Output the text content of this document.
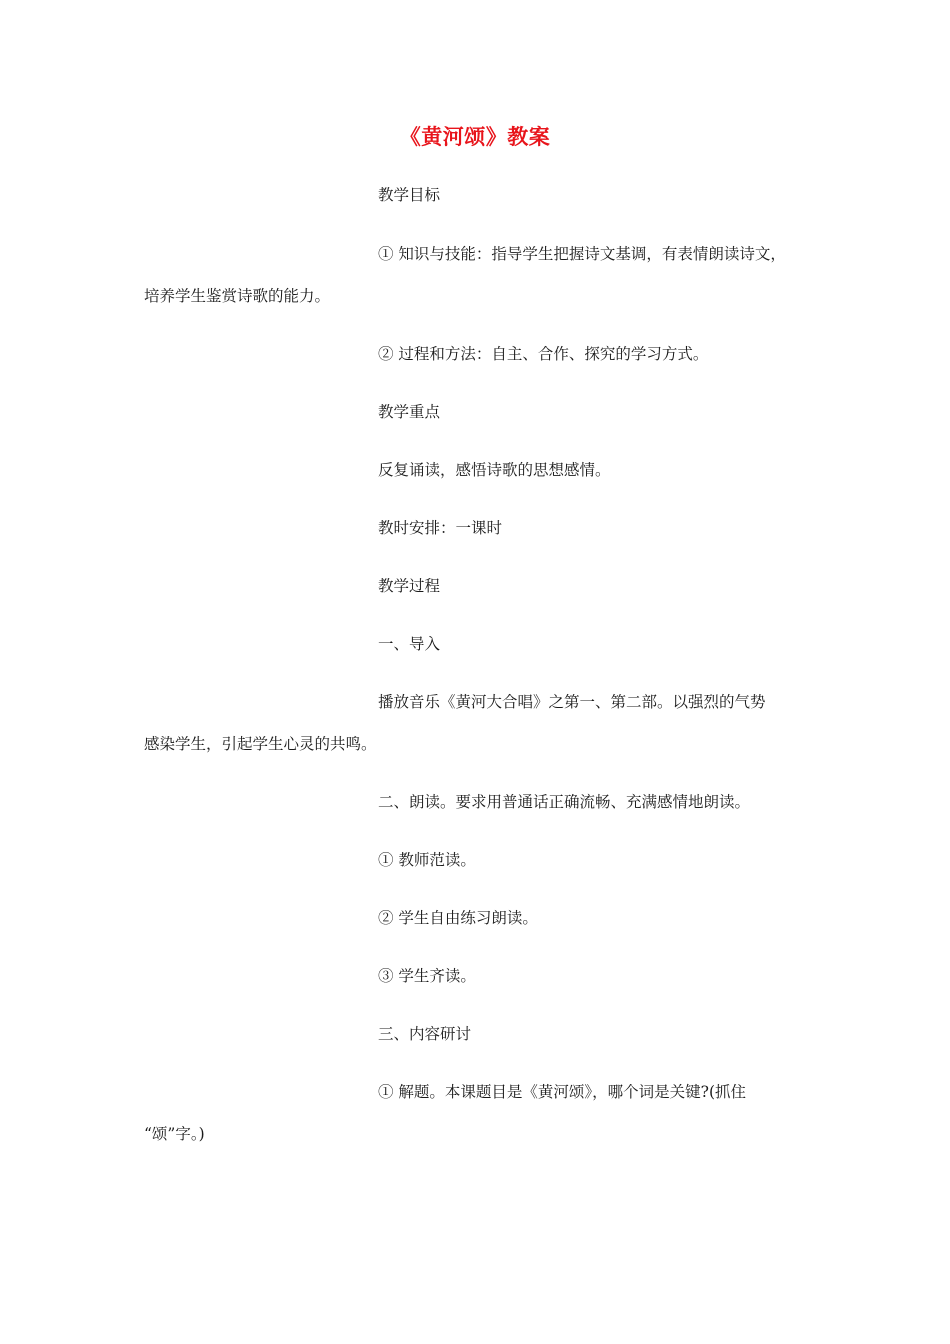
《黄河颂》教案
教学目标
① 知识与技能：指导学生把握诗文基调，有表情朗读诗文，
培养学生鉴赏诗歌的能力。
② 过程和方法：自主、合作、探究的学习方式。
教学重点
反复诵读，感悟诗歌的思想感情。
教时安排：一课时
教学过程
一、导入
播放音乐《黄河大合唱》之第一、第二部。以强烈的气势
感染学生，引起学生心灵的共鸣。
二、朗读。要求用普通话正确流畅、充满感情地朗读。
① 教师范读。
② 学生自由练习朗读。
③ 学生齐读。
三、内容研讨
① 解题。本课题目是《黄河颂》，哪个词是关键?(抓住
“颂”字。)
